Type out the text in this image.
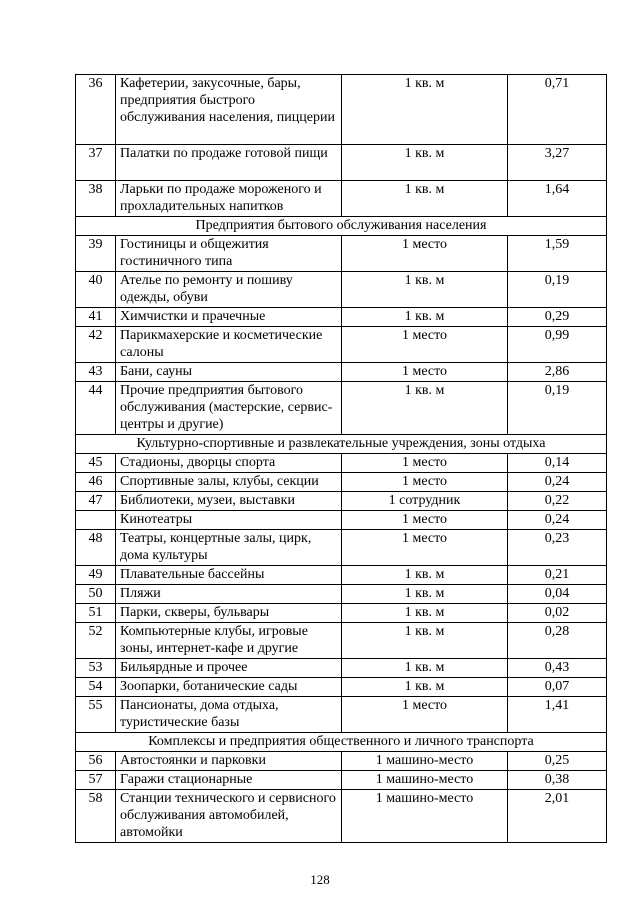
36	Кафетерии, закусочные, бары, предприятия быстрого обслуживания населения, пиццерии	1 кв. м	0,71
37	Палатки по продаже готовой пищи	1 кв. м	3,27
38	Ларьки по продаже мороженого и прохладительных напитков	1 кв. м	1,64
Предприятия бытового обслуживания населения			
39	Гостиницы и общежития гостиничного типа	1 место	1,59
40	Ателье по ремонту и пошиву одежды, обуви	1 кв. м	0,19
41	Химчистки и прачечные	1 кв. м	0,29
42	Парикмахерские и косметические салоны	1 место	0,99
43	Бани, сауны	1 место	2,86
44	Прочие предприятия бытового обслуживания (мастерские, сервис-центры и другие)	1 кв. м	0,19
Культурно-спортивные и развлекательные учреждения, зоны отдыха			
45	Стадионы, дворцы спорта	1 место	0,14
46	Спортивные залы, клубы, секции	1 место	0,24
47	Библиотеки, музеи, выставки	1 сотрудник	0,22
	Кинотеатры	1 место	0,24
48	Театры, концертные залы, цирк, дома культуры	1 место	0,23
49	Плавательные бассейны	1 кв. м	0,21
50	Пляжи	1 кв. м	0,04
51	Парки, скверы, бульвары	1 кв. м	0,02
52	Компьютерные клубы, игровые зоны, интернет-кафе и другие	1 кв. м	0,28
53	Бильярдные и прочее	1 кв. м	0,43
54	Зоопарки, ботанические сады	1 кв. м	0,07
55	Пансионаты, дома отдыха, туристические базы	1 место	1,41
Комплексы и предприятия общественного и личного транспорта			
56	Автостоянки и парковки	1 машино-место	0,25
57	Гаражи стационарные	1 машино-место	0,38
58	Станции технического и сервисного обслуживания автомобилей, автомойки	1 машино-место	2,01
128
